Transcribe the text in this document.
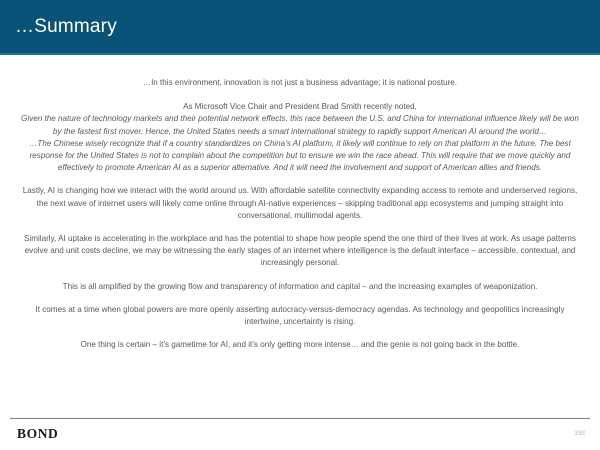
…Summary

…In this environment, innovation is not just a business advantage; it is national posture.

As Microsoft Vice Chair and President Brad Smith recently noted,

Given the nature of technology markets and their potential network effects, this race between the U.S. and China for international influence likely will be won by the fastest first mover. Hence, the United States needs a smart international strategy to rapidly support American AI around the world…

…The Chinese wisely recognize that if a country standardizes on China’s AI platform, it likely will continue to rely on that platform in the future. The best response for the United States is not to complain about the competition but to ensure we win the race ahead. This will require that we move quickly and effectively to promote American AI as a superior alternative. And it will need the involvement and support of American allies and friends.

Lastly, AI is changing how we interact with the world around us. With affordable satellite connectivity expanding access to remote and underserved regions, the next wave of internet users will likely come online through AI-native experiences – skipping traditional app ecosystems and jumping straight into conversational, multimodal agents.

Similarly, AI uptake is accelerating in the workplace and has the potential to shape how people spend the one third of their lives at work. As usage patterns evolve and unit costs decline, we may be witnessing the early stages of an internet where intelligence is the default interface – accessible, contextual, and increasingly personal.

This is all amplified by the growing flow and transparency of information and capital – and the increasing examples of weaponization.

It comes at a time when global powers are more openly asserting autocracy-versus-democracy agendas. As technology and geopolitics increasingly intertwine, uncertainty is rising.

One thing is certain – it’s gametime for AI, and it’s only getting more intense… and the genie is not going back in the bottle.

BOND	338
